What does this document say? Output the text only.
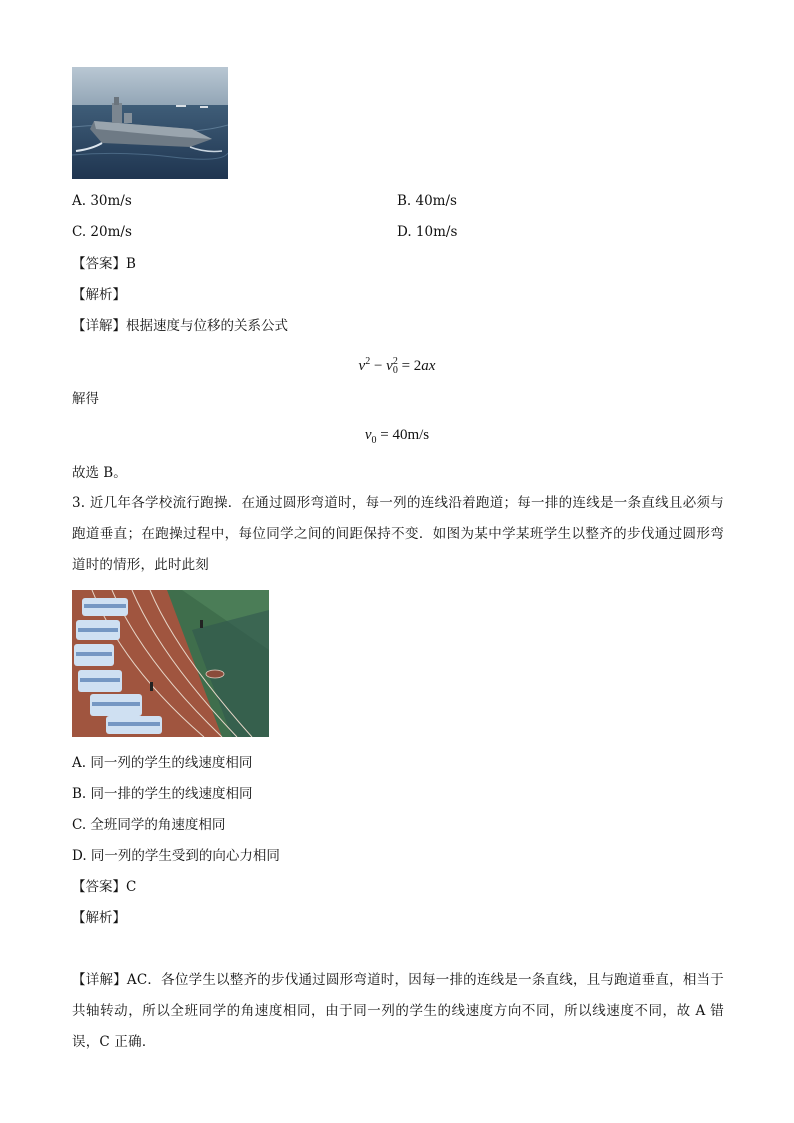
A. 30m/s	B. 40m/s
C. 20m/s	D. 10m/s
【答案】B
【解析】
【详解】根据速度与位移的关系公式
$v^2 - v_0^2 = 2ax$
解得
$v_0 = 40m/s$
故选 B。
3. 近几年各学校流行跑操．在通过圆形弯道时，每一列的连线沿着跑道；每一排的连线是一条直线且必须与跑道垂直；在跑操过程中，每位同学之间的间距保持不变．如图为某中学某班学生以整齐的步伐通过圆形弯道时的情形，此时此刻
A. 同一列的学生的线速度相同
B. 同一排的学生的线速度相同
C. 全班同学的角速度相同
D. 同一列的学生受到的向心力相同
【答案】C
【解析】
【详解】AC．各位学生以整齐的步伐通过圆形弯道时，因每一排的连线是一条直线，且与跑道垂直，相当于共轴转动，所以全班同学的角速度相同，由于同一列的学生的线速度方向不同，所以线速度不同，故 A 错误，C 正确．
